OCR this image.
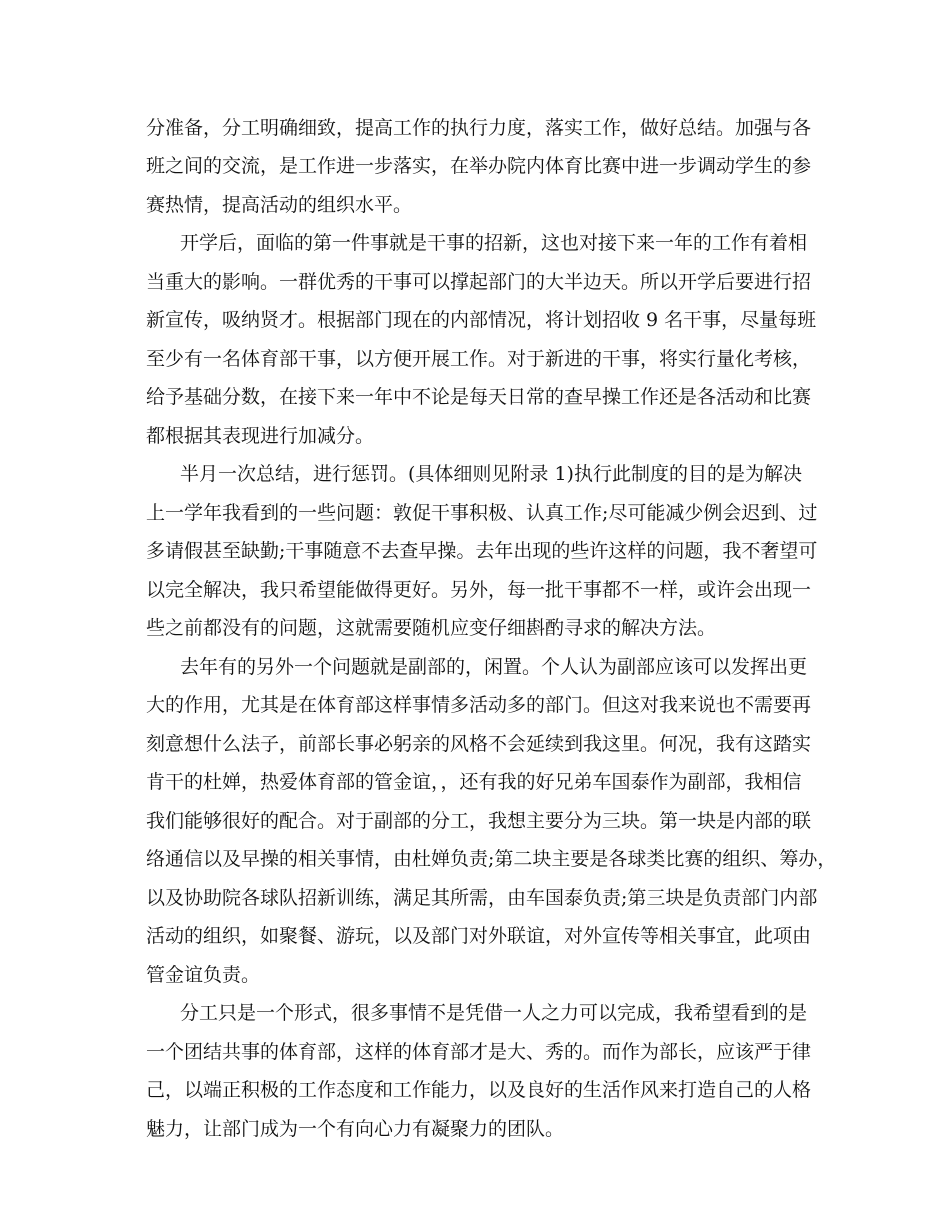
分准备，分工明确细致，提高工作的执行力度，落实工作，做好总结。加强与各
班之间的交流，是工作进一步落实，在举办院内体育比赛中进一步调动学生的参
赛热情，提高活动的组织水平。
开学后，面临的第一件事就是干事的招新，这也对接下来一年的工作有着相
当重大的影响。一群优秀的干事可以撑起部门的大半边天。所以开学后要进行招
新宣传，吸纳贤才。根据部门现在的内部情况，将计划招收 9 名干事，尽量每班
至少有一名体育部干事，以方便开展工作。对于新进的干事，将实行量化考核，
给予基础分数，在接下来一年中不论是每天日常的查早操工作还是各活动和比赛
都根据其表现进行加减分。
半月一次总结，进行惩罚。(具体细则见附录 1)执行此制度的目的是为解决
上一学年我看到的一些问题：敦促干事积极、认真工作;尽可能减少例会迟到、过
多请假甚至缺勤;干事随意不去查早操。去年出现的些许这样的问题，我不奢望可
以完全解决，我只希望能做得更好。另外，每一批干事都不一样，或许会出现一
些之前都没有的问题，这就需要随机应变仔细斟酌寻求的解决方法。
去年有的另外一个问题就是副部的，闲置。个人认为副部应该可以发挥出更
大的作用，尤其是在体育部这样事情多活动多的部门。但这对我来说也不需要再
刻意想什么法子，前部长事必躬亲的风格不会延续到我这里。何况，我有这踏实
肯干的杜婵，热爱体育部的管金谊，，还有我的好兄弟车国泰作为副部，我相信
我们能够很好的配合。对于副部的分工，我想主要分为三块。第一块是内部的联
络通信以及早操的相关事情，由杜婵负责;第二块主要是各球类比赛的组织、筹办，
以及协助院各球队招新训练，满足其所需，由车国泰负责;第三块是负责部门内部
活动的组织，如聚餐、游玩，以及部门对外联谊，对外宣传等相关事宜，此项由
管金谊负责。
分工只是一个形式，很多事情不是凭借一人之力可以完成，我希望看到的是
一个团结共事的体育部，这样的体育部才是大、秀的。而作为部长，应该严于律
己，以端正积极的工作态度和工作能力，以及良好的生活作风来打造自己的人格
魅力，让部门成为一个有向心力有凝聚力的团队。
